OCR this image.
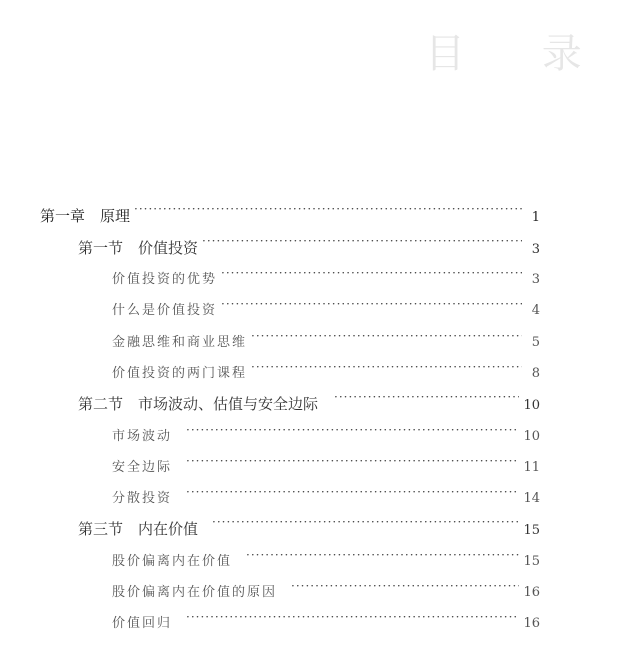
目 录
第一章　原理 ·····	1
第一节　价值投资 ·····	3
价值投资的优势 ·····	3
什么是价值投资 ·····	4
金融思维和商业思维 ·····	5
价值投资的两门课程 ·····	8
第二节　市场波动、估值与安全边际 ·····	10
市场波动 ·····	10
安全边际 ·····	11
分散投资 ·····	14
第三节　内在价值 ·····	15
股价偏离内在价值 ·····	15
股价偏离内在价值的原因 ·····	16
价值回归 ·····	16
